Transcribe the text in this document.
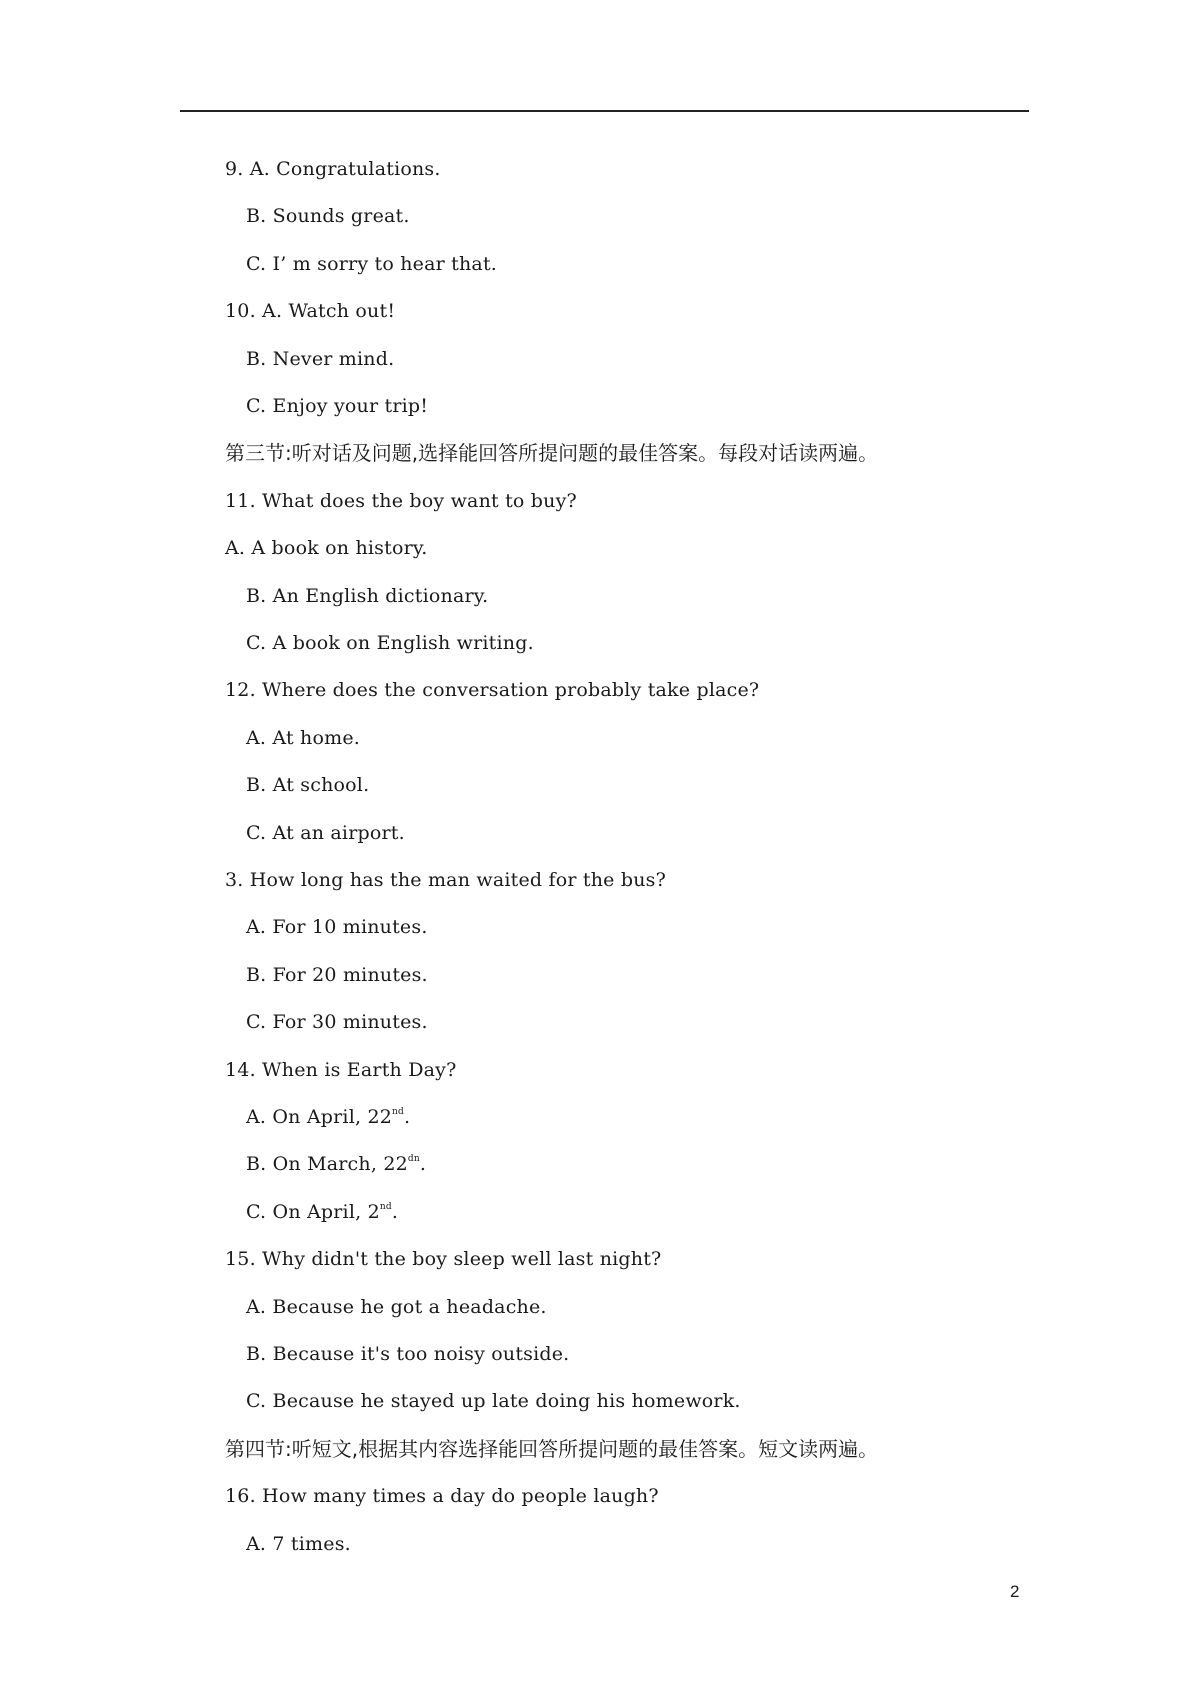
9. A. Congratulations.
B. Sounds great.
C. I’ m sorry to hear that.
10. A. Watch out!
B. Never mind.
C. Enjoy your trip!
第三节:听对话及问题,选择能回答所提问题的最佳答案。每段对话读两遍。
11. What does the boy want to buy?
A. A book on history.
B. An English dictionary.
C. A book on English writing.
12. Where does the conversation probably take place?
A. At home.
B. At school.
C. At an airport.
3. How long has the man waited for the bus?
A. For 10 minutes.
B. For 20 minutes.
C. For 30 minutes.
14. When is Earth Day?
A. On April, 22nd.
B. On March, $22^{dn}$.
C. On April, 2nd.
15. Why didn't the boy sleep well last night?
A. Because he got a headache.
B. Because it's too noisy outside.
C. Because he stayed up late doing his homework.
第四节:听短文,根据其内容选择能回答所提问题的最佳答案。短文读两遍。
16. How many times a day do people laugh?
A. 7 times.
2
